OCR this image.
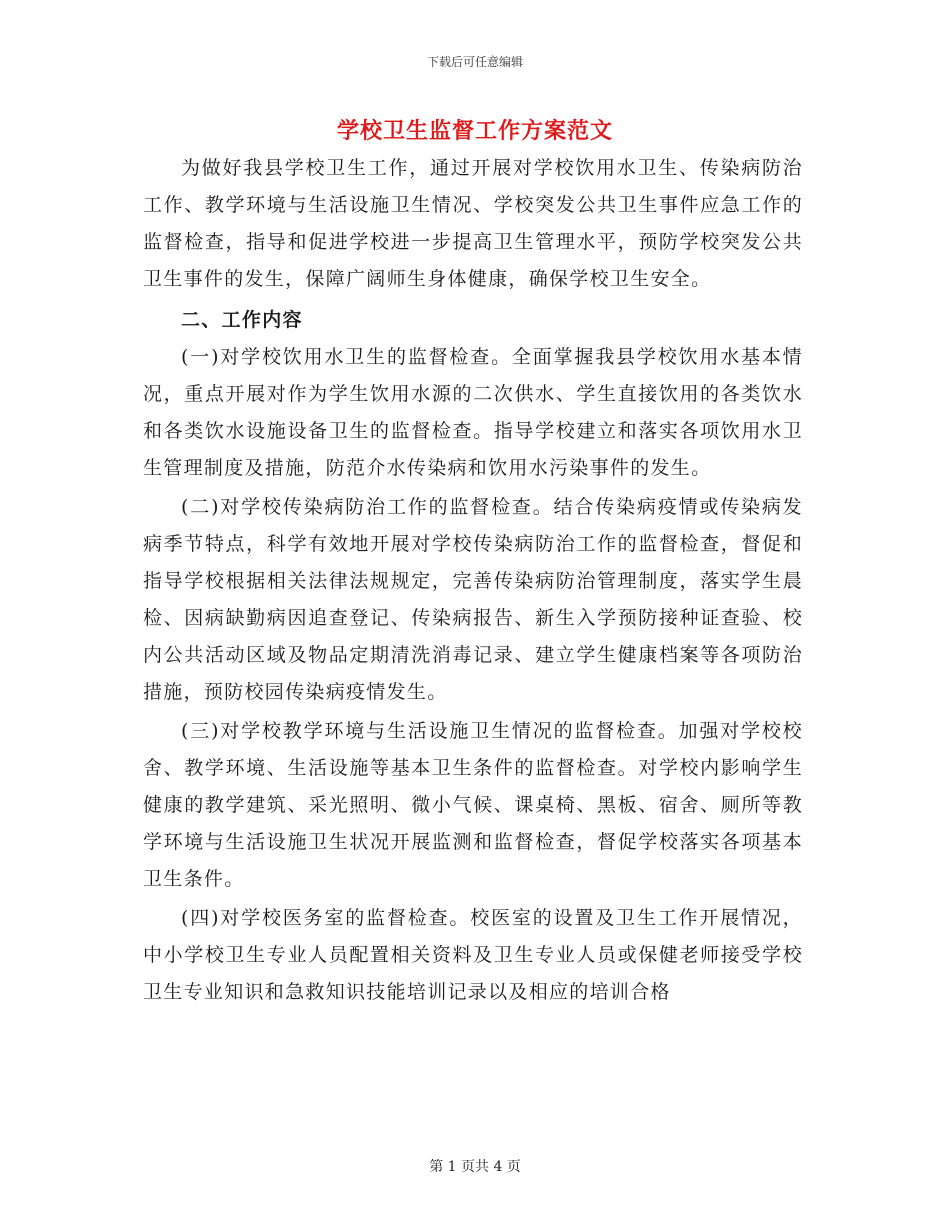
下载后可任意编辑
学校卫生监督工作方案范文

为做好我县学校卫生工作，通过开展对学校饮用水卫生、传染病防治工作、教学环境与生活设施卫生情况、学校突发公共卫生事件应急工作的监督检查，指导和促进学校进一步提高卫生管理水平，预防学校突发公共卫生事件的发生，保障广阔师生身体健康，确保学校卫生安全。

二、工作内容

(一)对学校饮用水卫生的监督检查。全面掌握我县学校饮用水基本情况，重点开展对作为学生饮用水源的二次供水、学生直接饮用的各类饮水和各类饮水设施设备卫生的监督检查。指导学校建立和落实各项饮用水卫生管理制度及措施，防范介水传染病和饮用水污染事件的发生。

(二)对学校传染病防治工作的监督检查。结合传染病疫情或传染病发病季节特点，科学有效地开展对学校传染病防治工作的监督检查，督促和指导学校根据相关法律法规规定，完善传染病防治管理制度，落实学生晨检、因病缺勤病因追查登记、传染病报告、新生入学预防接种证查验、校内公共活动区域及物品定期清洗消毒记录、建立学生健康档案等各项防治措施，预防校园传染病疫情发生。

(三)对学校教学环境与生活设施卫生情况的监督检查。加强对学校校舍、教学环境、生活设施等基本卫生条件的监督检查。对学校内影响学生健康的教学建筑、采光照明、微小气候、课桌椅、黑板、宿舍、厕所等教学环境与生活设施卫生状况开展监测和监督检查，督促学校落实各项基本卫生条件。

(四)对学校医务室的监督检查。校医室的设置及卫生工作开展情况，中小学校卫生专业人员配置相关资料及卫生专业人员或保健老师接受学校卫生专业知识和急救知识技能培训记录以及相应的培训合格

第 1 页共 4 页
